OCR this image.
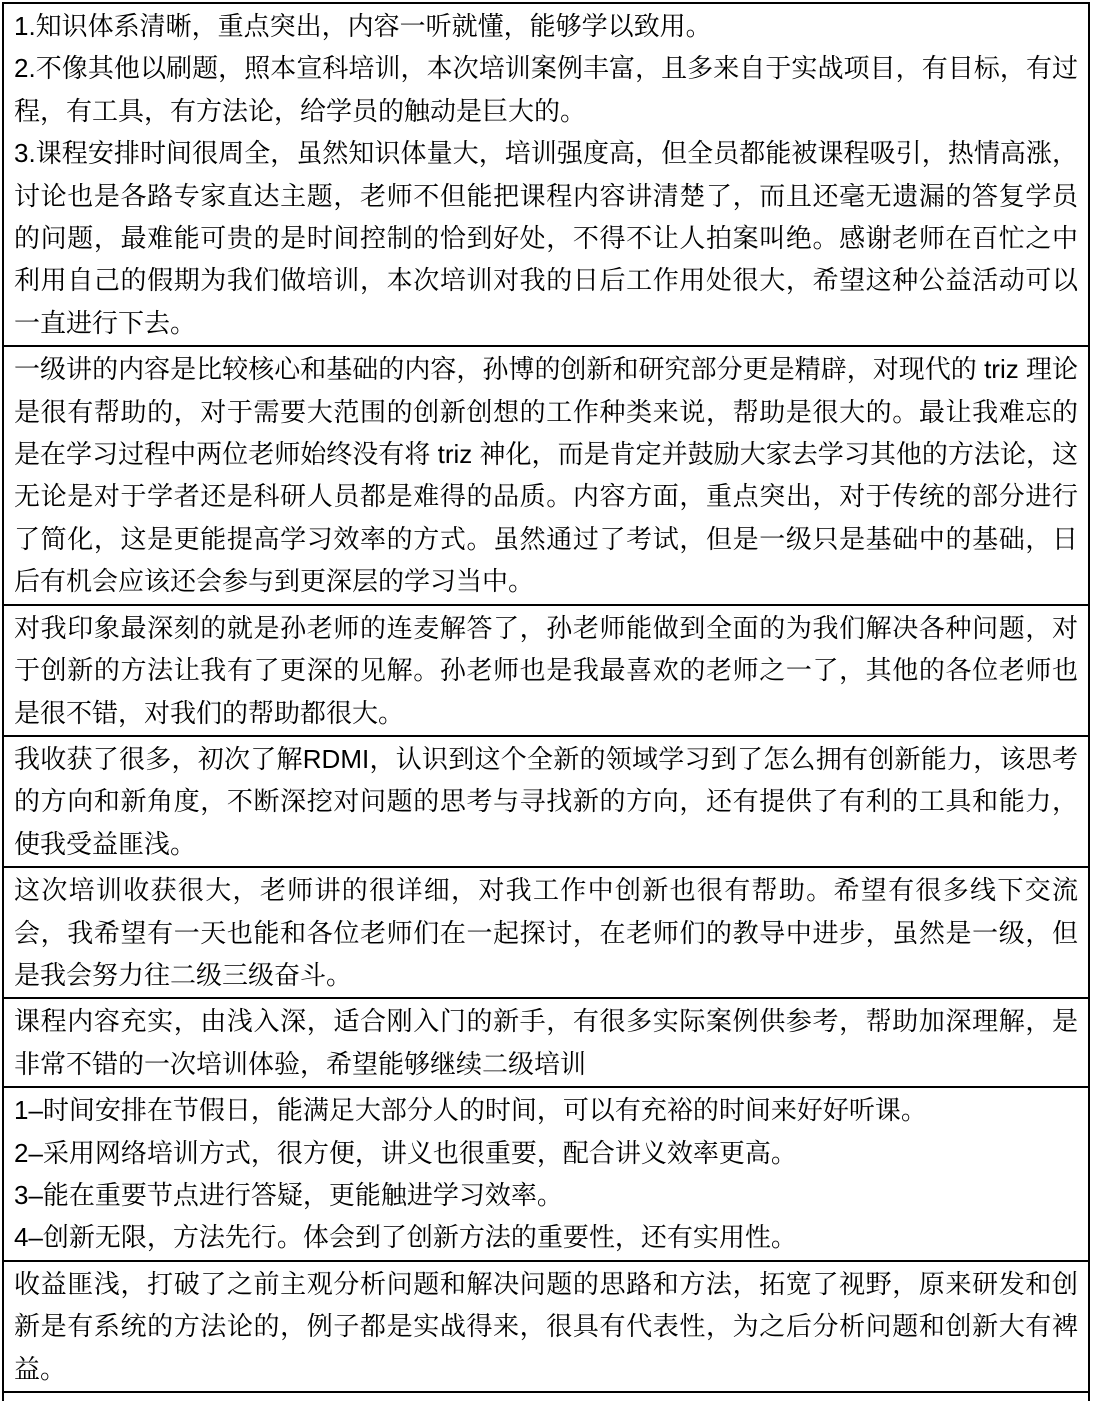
1.知识体系清晰，重点突出，内容一听就懂，能够学以致用。

2.不像其他以刷题，照本宣科培训，本次培训案例丰富，且多来自于实战项目，有目标，有过程，有工具，有方法论，给学员的触动是巨大的。

3.课程安排时间很周全，虽然知识体量大，培训强度高，但全员都能被课程吸引，热情高涨，讨论也是各路专家直达主题，老师不但能把课程内容讲清楚了，而且还毫无遗漏的答复学员的问题，最难能可贵的是时间控制的恰到好处，不得不让人拍案叫绝。感谢老师在百忙之中利用自己的假期为我们做培训，本次培训对我的日后工作用处很大，希望这种公益活动可以一直进行下去。

一级讲的内容是比较核心和基础的内容，孙博的创新和研究部分更是精辟，对现代的 triz 理论是很有帮助的，对于需要大范围的创新创想的工作种类来说，帮助是很大的。最让我难忘的是在学习过程中两位老师始终没有将 triz 神化，而是肯定并鼓励大家去学习其他的方法论，这无论是对于学者还是科研人员都是难得的品质。内容方面，重点突出，对于传统的部分进行了简化，这是更能提高学习效率的方式。虽然通过了考试，但是一级只是基础中的基础，日后有机会应该还会参与到更深层的学习当中。

对我印象最深刻的就是孙老师的连麦解答了，孙老师能做到全面的为我们解决各种问题，对于创新的方法让我有了更深的见解。孙老师也是我最喜欢的老师之一了，其他的各位老师也是很不错，对我们的帮助都很大。

我收获了很多，初次了解RDMI，认识到这个全新的领域学习到了怎么拥有创新能力，该思考的方向和新角度，不断深挖对问题的思考与寻找新的方向，还有提供了有利的工具和能力，使我受益匪浅。

这次培训收获很大，老师讲的很详细，对我工作中创新也很有帮助。希望有很多线下交流会，我希望有一天也能和各位老师们在一起探讨，在老师们的教导中进步，虽然是一级，但是我会努力往二级三级奋斗。

课程内容充实，由浅入深，适合刚入门的新手，有很多实际案例供参考，帮助加深理解，是非常不错的一次培训体验，希望能够继续二级培训

1–时间安排在节假日，能满足大部分人的时间，可以有充裕的时间来好好听课。

2–采用网络培训方式，很方便，讲义也很重要，配合讲义效率更高。

3–能在重要节点进行答疑，更能触进学习效率。

4–创新无限，方法先行。体会到了创新方法的重要性，还有实用性。

收益匪浅，打破了之前主观分析问题和解决问题的思路和方法，拓宽了视野，原来研发和创新是有系统的方法论的，例子都是实战得来，很具有代表性，为之后分析问题和创新大有裨益。
